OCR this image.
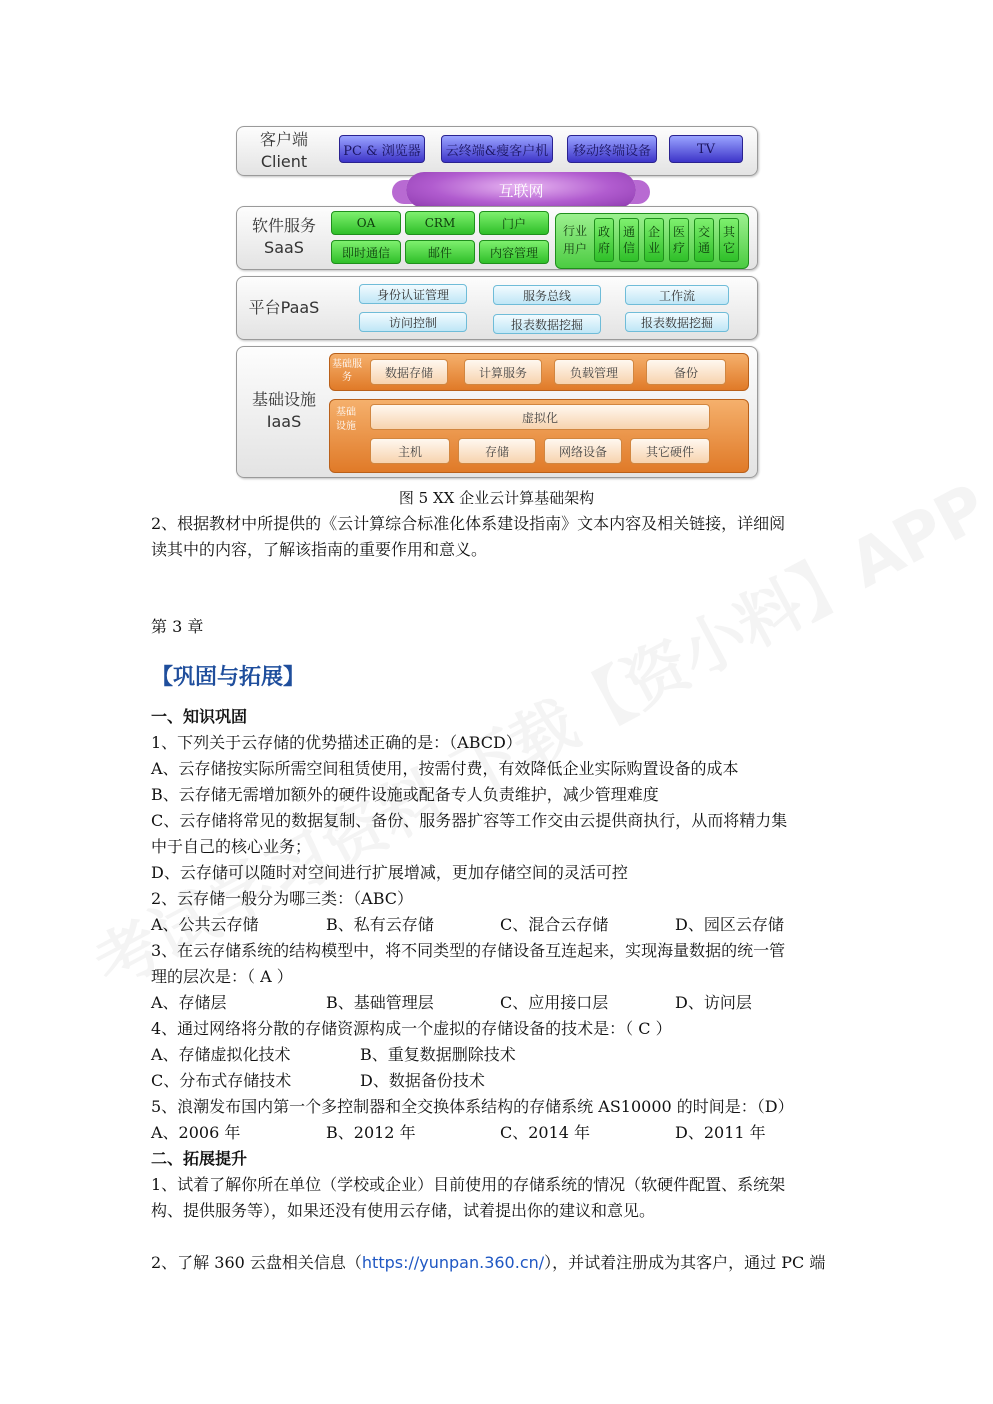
客户端
Client
PC & 浏览器	云终端&瘦客户机	移动终端设备	TV
互联网
软件服务
SaaS
OA	CRM	门户
即时通信	邮件	内容管理
行业用户
政府
通信
企业
医疗
交通
其它
平台PaaS
身份认证管理	服务总线	工作流
访问控制	报表数据挖掘	报表数据挖掘
基础设施
IaaS
基础服务	数据存储	计算服务	负载管理	备份
基础设施
虚拟化
主机	存储	网络设备	其它硬件
图 5 XX 企业云计算基础架构
2、根据教材中所提供的《云计算综合标准化体系建设指南》文本内容及相关链接，详细阅
读其中的内容，了解该指南的重要作用和意义。
第 3 章
【巩固与拓展】
一、知识巩固
1、下列关于云存储的优势描述正确的是：（ABCD）
A、云存储按实际所需空间租赁使用，按需付费，有效降低企业实际购置设备的成本
B、云存储无需增加额外的硬件设施或配备专人负责维护，减少管理难度
C、云存储将常见的数据复制、备份、服务器扩容等工作交由云提供商执行，从而将精力集
中于自己的核心业务；
D、云存储可以随时对空间进行扩展增减，更加存储空间的灵活可控
2、云存储一般分为哪三类：（ABC）
A、公共云存储	B、私有云存储	C、混合云存储	D、园区云存储
3、在云存储系统的结构模型中，将不同类型的存储设备互连起来，实现海量数据的统一管
理的层次是：（ A ）
A、存储层	B、基础管理层	C、应用接口层	D、访问层
4、通过网络将分散的存储资源构成一个虚拟的存储设备的技术是：（ C ）
A、存储虚拟化技术	B、重复数据删除技术
C、分布式存储技术	D、数据备份技术
5、浪潮发布国内第一个多控制器和全交换体系结构的存储系统 AS10000 的时间是：（D）
A、2006 年	B、2012 年	C、2014 年	D、2011 年
二、拓展提升
1、试着了解你所在单位（学校或企业）目前使用的存储系统的情况（软硬件配置、系统架
构、提供服务等），如果还没有使用云存储，试着提出你的建议和意见。
2、了解 360 云盘相关信息（https://yunpan.360.cn/），并试着注册成为其客户，通过 PC 端
